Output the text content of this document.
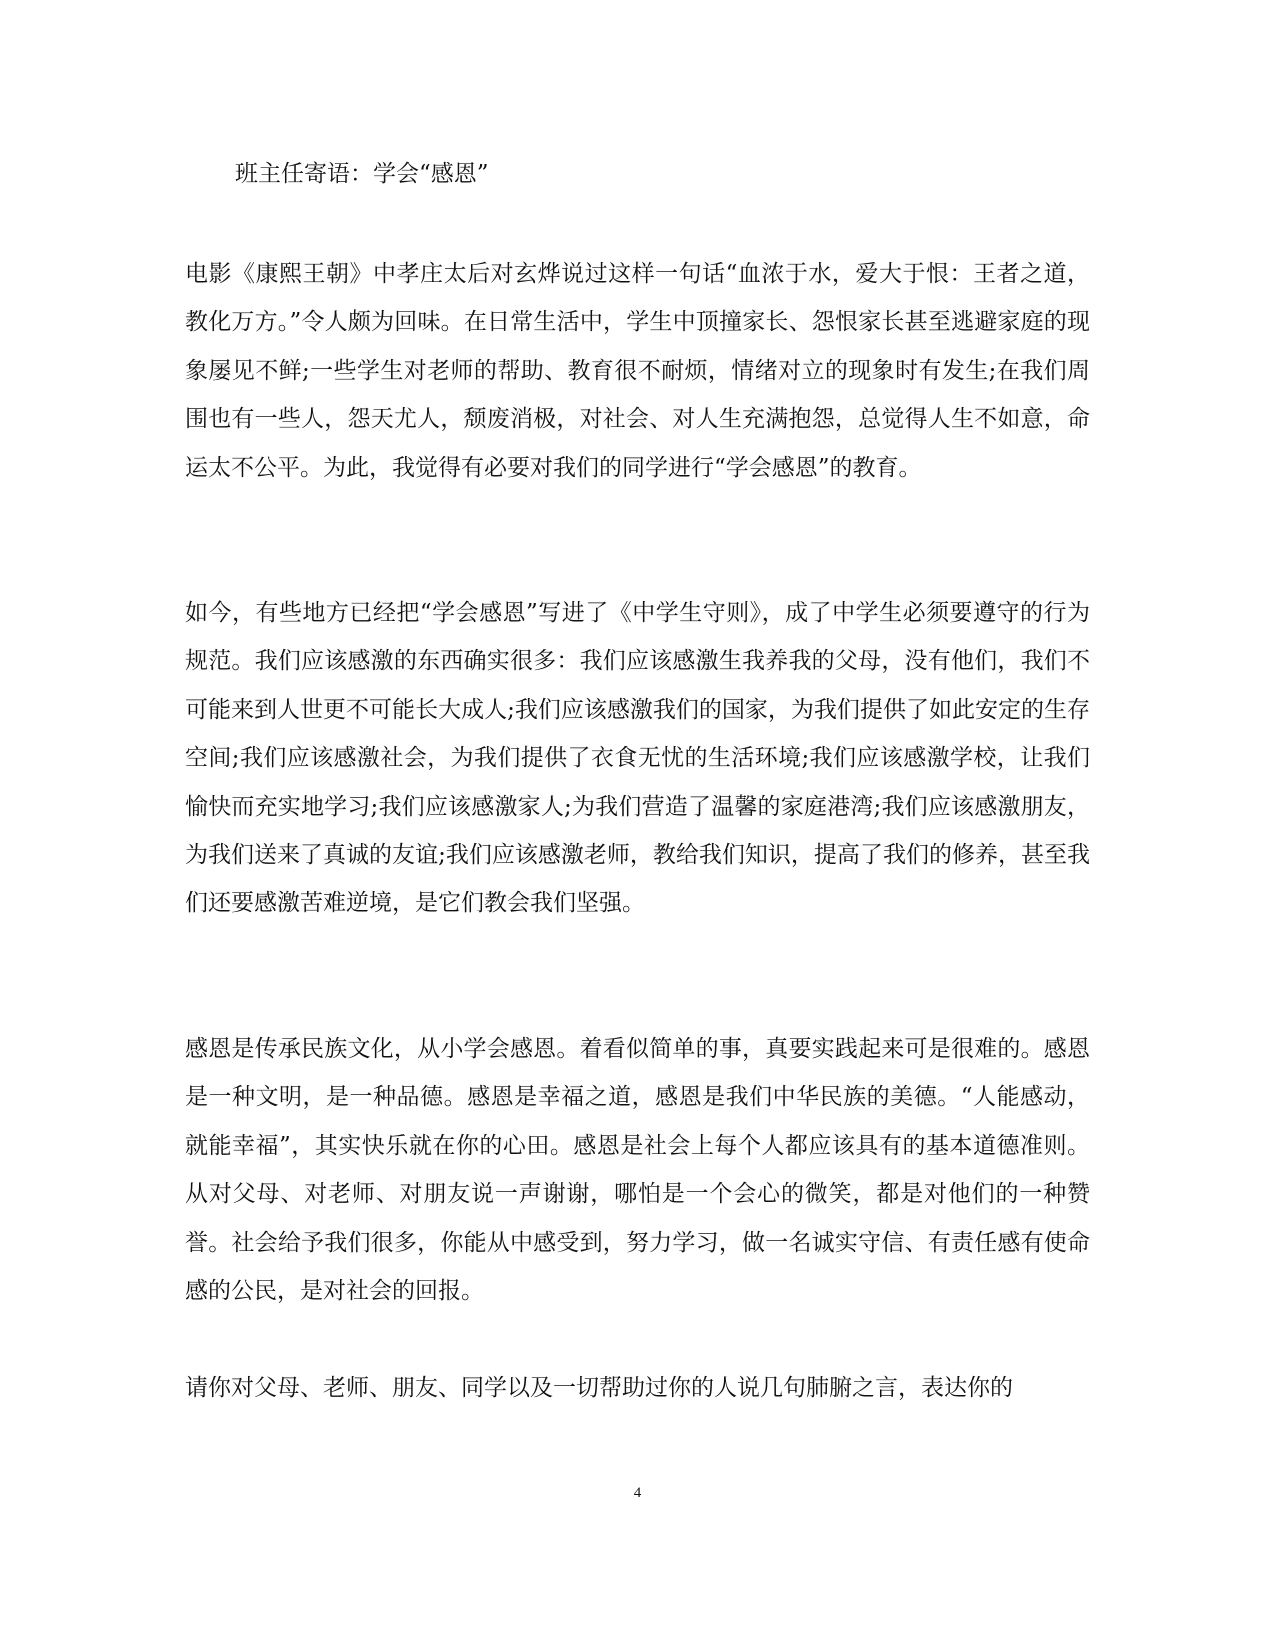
班主任寄语：学会“感恩”

电影《康熙王朝》中孝庄太后对玄烨说过这样一句话“血浓于水，爱大于恨：王者之道，教化万方。”令人颇为回味。在日常生活中，学生中顶撞家长、怨恨家长甚至逃避家庭的现象屡见不鲜;一些学生对老师的帮助、教育很不耐烦，情绪对立的现象时有发生;在我们周围也有一些人，怨天尤人，颓废消极，对社会、对人生充满抱怨，总觉得人生不如意，命运太不公平。为此，我觉得有必要对我们的同学进行“学会感恩”的教育。

如今，有些地方已经把“学会感恩”写进了《中学生守则》，成了中学生必须要遵守的行为规范。我们应该感激的东西确实很多：我们应该感激生我养我的父母，没有他们，我们不可能来到人世更不可能长大成人;我们应该感激我们的国家，为我们提供了如此安定的生存空间;我们应该感激社会，为我们提供了衣食无忧的生活环境;我们应该感激学校，让我们愉快而充实地学习;我们应该感激家人;为我们营造了温馨的家庭港湾;我们应该感激朋友，为我们送来了真诚的友谊;我们应该感激老师，教给我们知识，提高了我们的修养，甚至我们还要感激苦难逆境，是它们教会我们坚强。

感恩是传承民族文化，从小学会感恩。着看似简单的事，真要实践起来可是很难的。感恩是一种文明，是一种品德。感恩是幸福之道，感恩是我们中华民族的美德。“人能感动，就能幸福”，其实快乐就在你的心田。感恩是社会上每个人都应该具有的基本道德准则。从对父母、对老师、对朋友说一声谢谢，哪怕是一个会心的微笑，都是对他们的一种赞誉。社会给予我们很多，你能从中感受到，努力学习，做一名诚实守信、有责任感有使命感的公民，是对社会的回报。

请你对父母、老师、朋友、同学以及一切帮助过你的人说几句肺腑之言，表达你的

4
